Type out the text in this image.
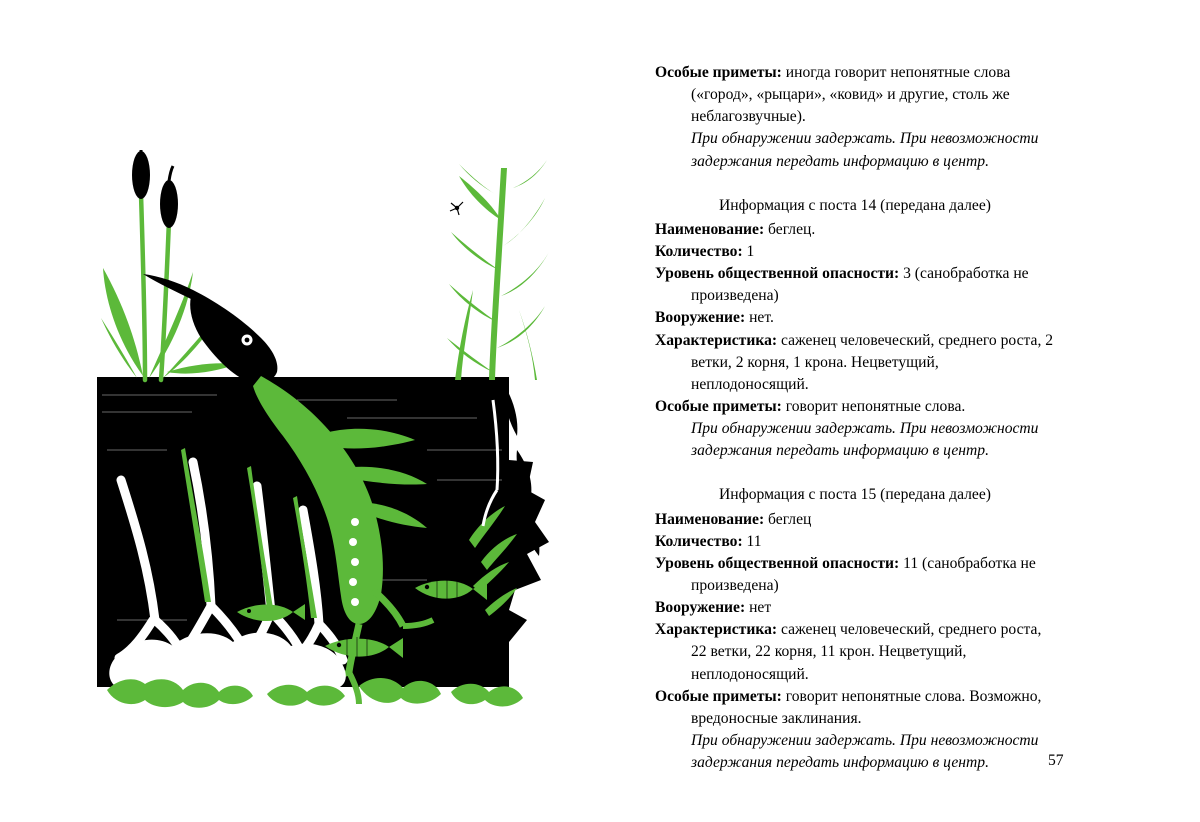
Особые приметы: иногда говорит непонятные слова («город», «рыцари», «ковид» и другие, столь же неблагозвучные).

При обнаружении задержать. При невозможности задержания передать информацию в центр.

Информация с поста 14 (передана далее)

Наименование: беглец.

Количество: 1

Уровень общественной опасности: 3 (санобработка не произведена)

Вооружение: нет.

Характеристика: саженец человеческий, среднего роста, 2 ветки, 2 корня, 1 крона. Нецветущий, неплодоносящий.

Особые приметы: говорит непонятные слова.

При обнаружении задержать. При невозможности задержания передать информацию в центр.

Информация с поста 15 (передана далее)

Наименование: беглец

Количество: 11

Уровень общественной опасности: 11 (санобработка не произведена)

Вооружение: нет

Характеристика: саженец человеческий, среднего роста, 22 ветки, 22 корня, 11 крон. Нецветущий, неплодоносящий.

Особые приметы: говорит непонятные слова. Возможно, вредоносные заклинания.

При обнаружении задержать. При невозможности задержания передать информацию в центр.	57
